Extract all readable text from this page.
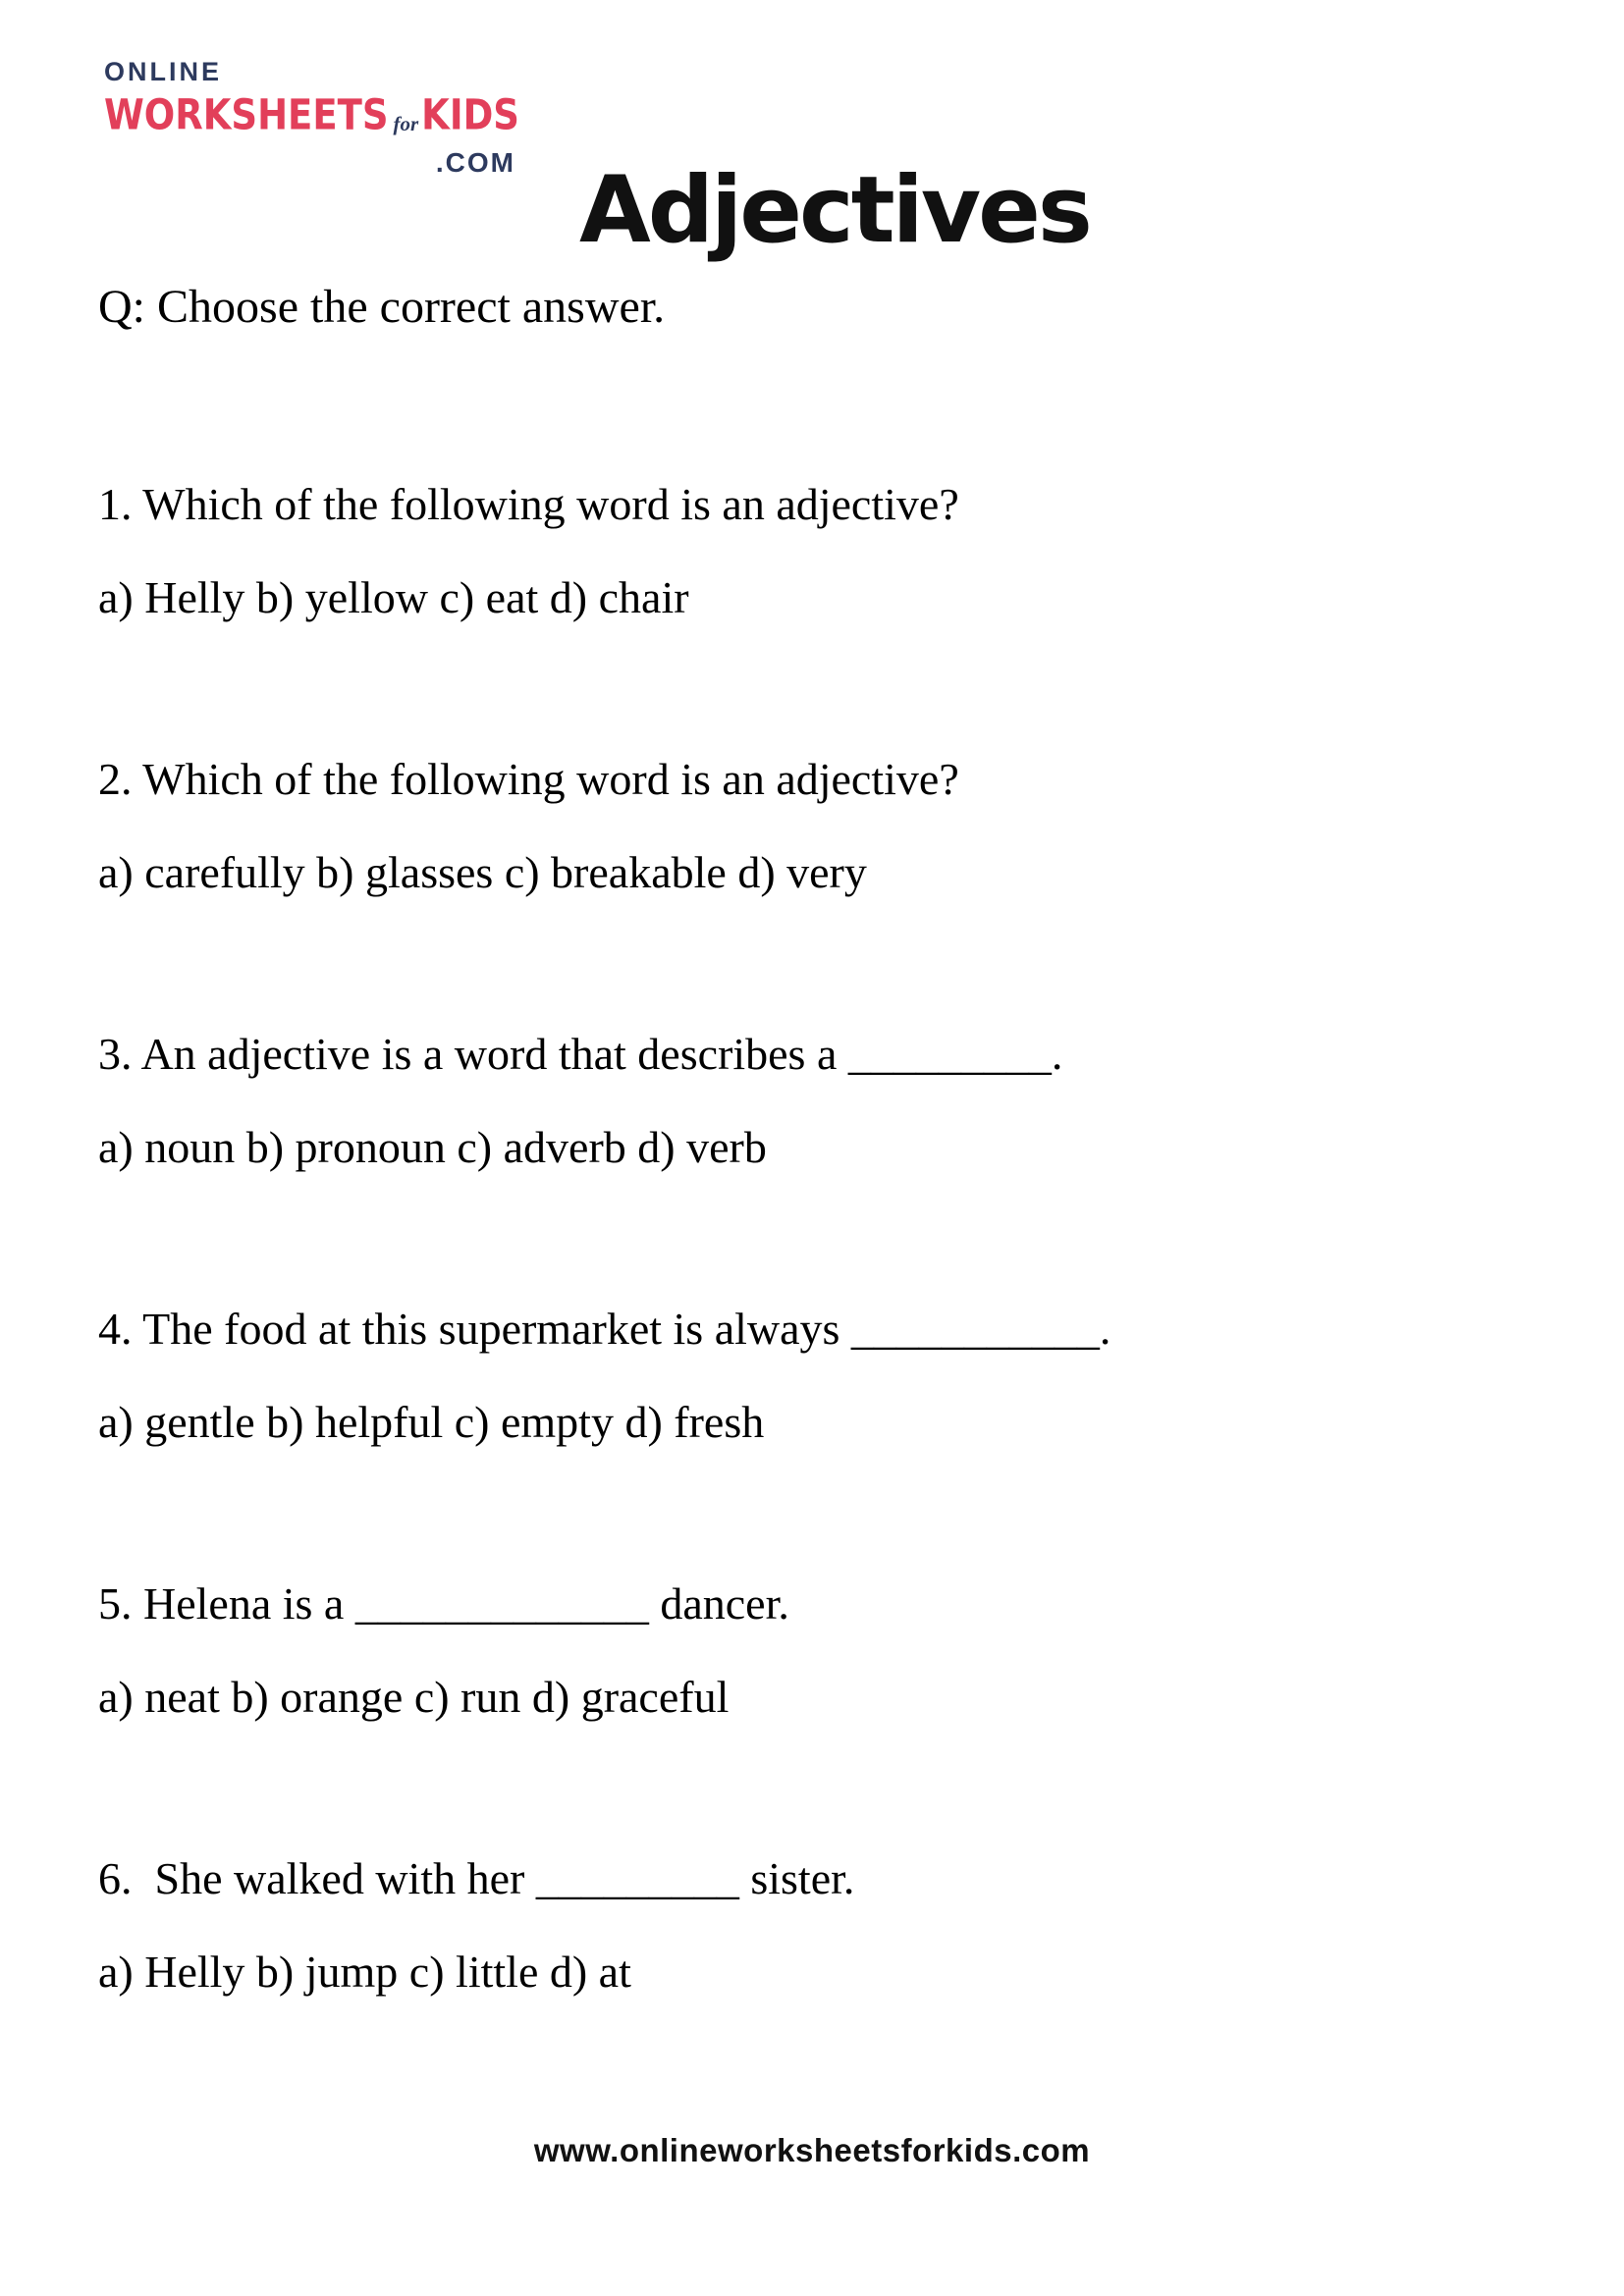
ONLINE
WORKSHEETS for KIDS
.COM Adjectives

Q: Choose the correct answer.

1. Which of the following word is an adjective?

a) Helly b) yellow c) eat d) chair

2. Which of the following word is an adjective?

a) carefully b) glasses c) breakable d) very

3. An adjective is a word that describes a _________.

a) noun b) pronoun c) adverb d) verb

4. The food at this supermarket is always ___________.

a) gentle b) helpful c) empty d) fresh

5. Helena is a _____________ dancer.

a) neat b) orange c) run d) graceful

6.  She walked with her _________ sister.

a) Helly b) jump c) little d) at

www.onlineworksheetsforkids.com
